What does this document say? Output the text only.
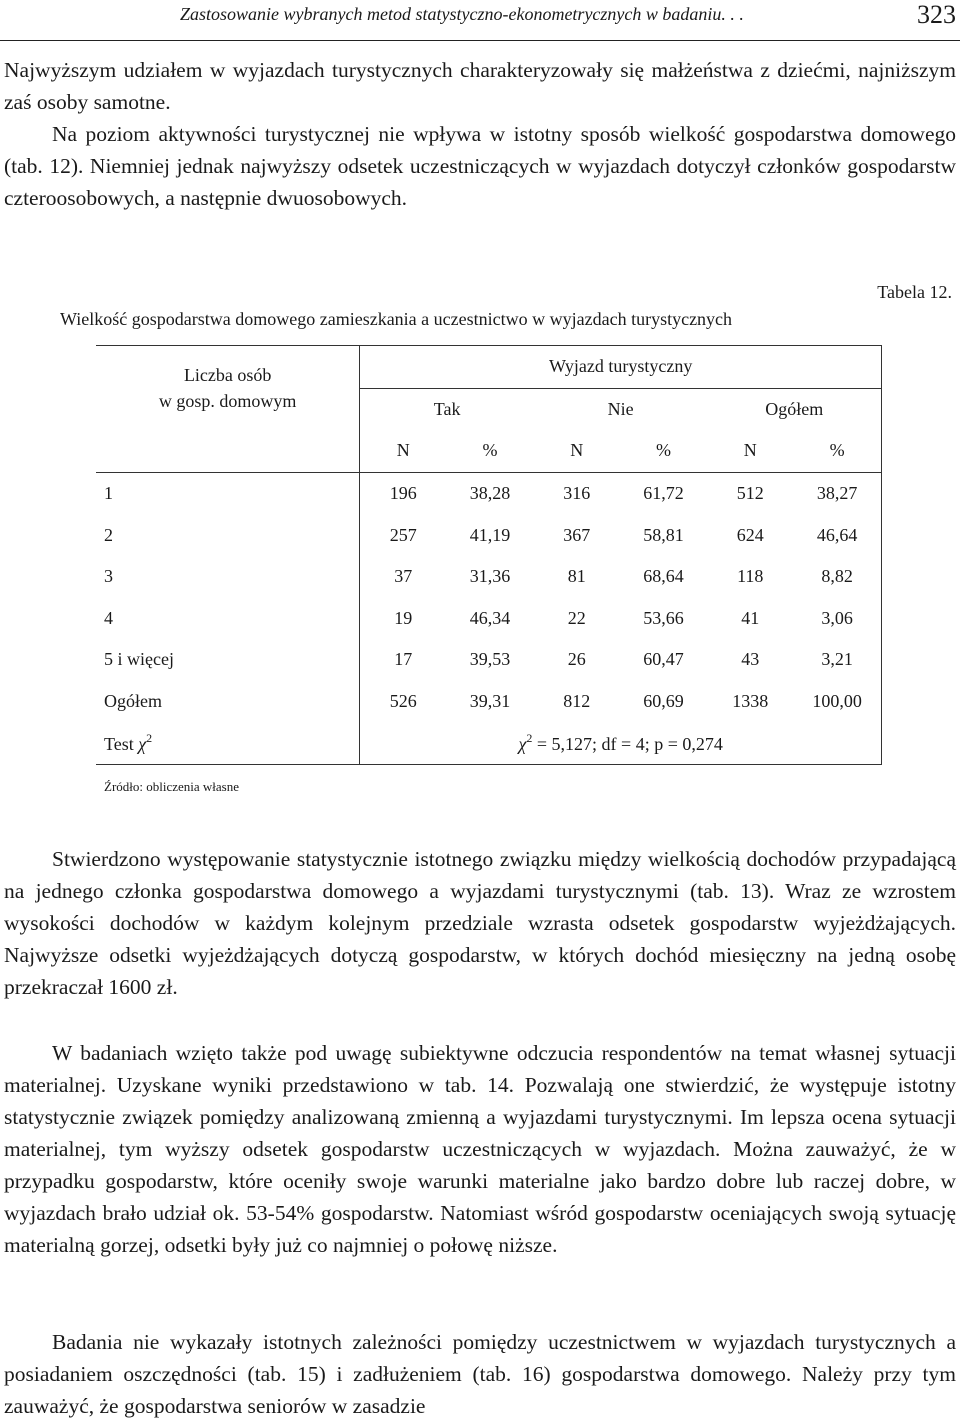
Zastosowanie wybranych metod statystyczno-ekonometrycznych w badaniu. . .	323

Najwyższym udziałem w wyjazdach turystycznych charakteryzowały się małżeństwa z dziećmi, najniższym zaś osoby samotne.

Na poziom aktywności turystycznej nie wpływa w istotny sposób wielkość gospodarstwa domowego (tab. 12). Niemniej jednak najwyższy odsetek uczestniczących w wyjazdach dotyczył członków gospodarstw czteroosobowych, a następnie dwuosobowych.

Tabela 12.
Wielkość gospodarstwa domowego zamieszkania a uczestnictwo w wyjazdach turystycznych
Liczba osób
w gosp. domowym	Wyjazd turystyczny					
	Tak		Nie		Ogółem	
	N	%	N	%	N	%
1	196	38,28	316	61,72	512	38,27
2	257	41,19	367	58,81	624	46,64
3	37	31,36	81	68,64	118	8,82
4	19	46,34	22	53,66	41	3,06
5 i więcej	17	39,53	26	60,47	43	3,21
Ogółem	526	39,31	812	60,69	1338	100,00
Test $\chi^2$	$\chi^2 = 5,127$; df = 4; p = 0,274					
Źródło: obliczenia własne

Stwierdzono występowanie statystycznie istotnego związku między wielkością dochodów przypadającą na jednego członka gospodarstwa domowego a wyjazdami turystycznymi (tab. 13). Wraz ze wzrostem wysokości dochodów w każdym kolejnym przedziale wzrasta odsetek gospodarstw wyjeżdżających. Najwyższe odsetki wyjeżdżających dotyczą gospodarstw, w których dochód miesięczny na jedną osobę przekraczał 1600 zł.

W badaniach wzięto także pod uwagę subiektywne odczucia respondentów na temat własnej sytuacji materialnej. Uzyskane wyniki przedstawiono w tab. 14. Pozwalają one stwierdzić, że występuje istotny statystycznie związek pomiędzy analizowaną zmienną a wyjazdami turystycznymi. Im lepsza ocena sytuacji materialnej, tym wyższy odsetek gospodarstw uczestniczących w wyjazdach. Można zauważyć, że w przypadku gospodarstw, które oceniły swoje warunki materialne jako bardzo dobre lub raczej dobre, w wyjazdach brało udział ok. 53-54% gospodarstw. Natomiast wśród gospodarstw oceniających swoją sytuację materialną gorzej, odsetki były już co najmniej o połowę niższe.

Badania nie wykazały istotnych zależności pomiędzy uczestnictwem w wyjazdach turystycznych a posiadaniem oszczędności (tab. 15) i zadłużeniem (tab. 16) gospodarstwa domowego. Należy przy tym zauważyć, że gospodarstwa seniorów w zasadzie
